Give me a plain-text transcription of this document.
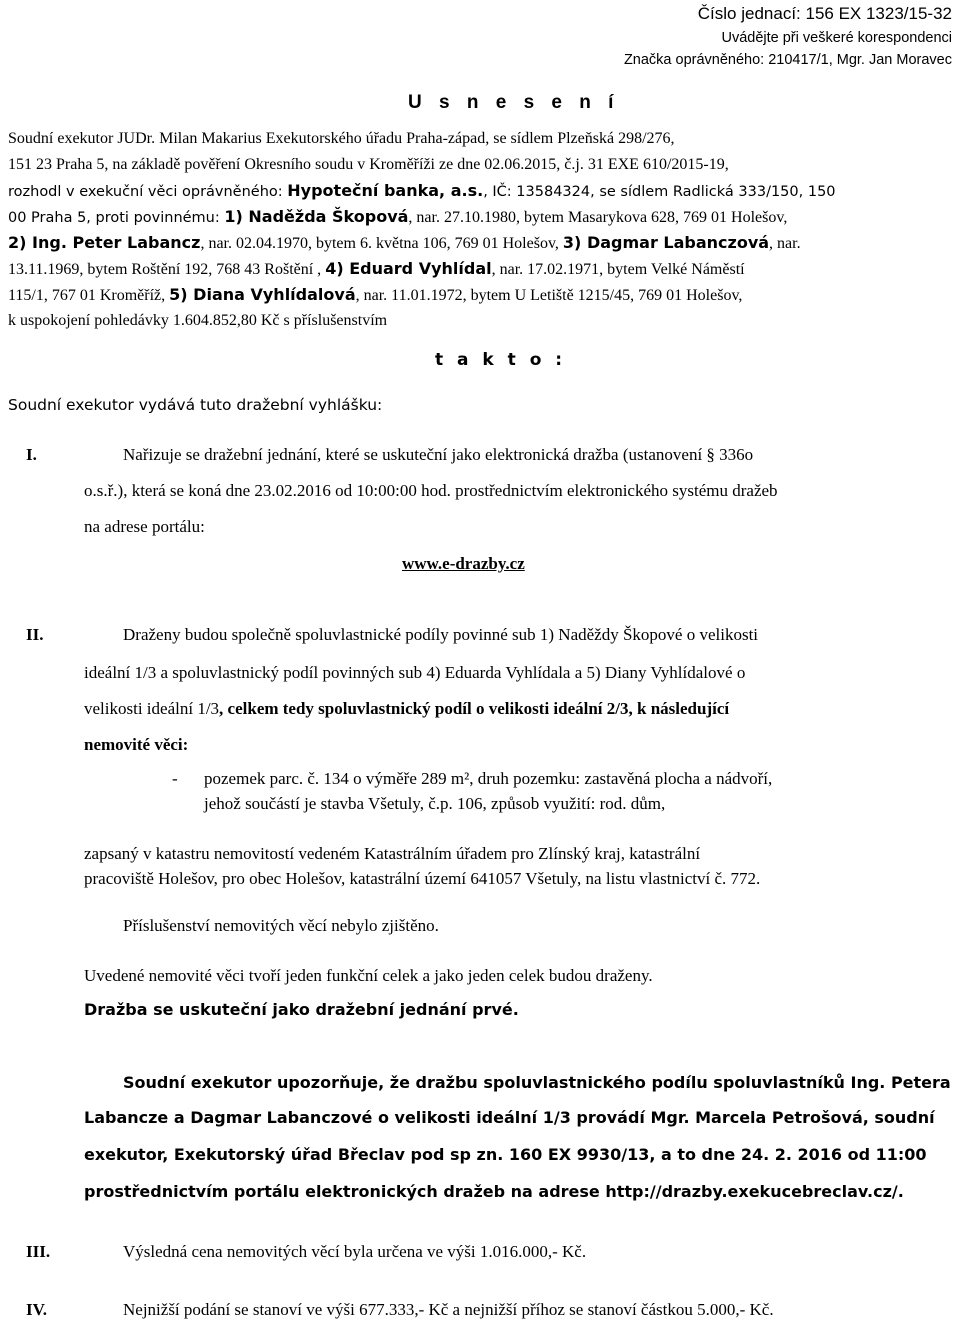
Číslo jednací: 156 EX 1323/15-32
Uvádějte při veškeré korespondenci
Značka oprávněného: 210417/1, Mgr. Jan Moravec
U s n e s e n í

Soudní exekutor JUDr. Milan Makarius Exekutorského úřadu Praha-západ, se sídlem Plzeňská 298/276,

151 23 Praha 5, na základě pověření Okresního soudu v Kroměříži ze dne 02.06.2015, č.j. 31 EXE 610/2015-19,

rozhodl v exekuční věci oprávněného: Hypoteční banka, a.s., IČ: 13584324, se sídlem Radlická 333/150, 150

00 Praha 5, proti povinnému: 1) Naděžda Škopová, nar. 27.10.1980, bytem Masarykova 628, 769 01 Holešov,

2) Ing. Peter Labancz, nar. 02.04.1970, bytem 6. května 106, 769 01 Holešov, 3) Dagmar Labanczová, nar.

13.11.1969, bytem Roštění 192, 768 43 Roštění , 4) Eduard Vyhlídal, nar. 17.02.1971, bytem Velké Náměstí

115/1, 767 01 Kroměříž, 5) Diana Vyhlídalová, nar. 11.01.1972, bytem U Letiště 1215/45, 769 01 Holešov,

k uspokojení pohledávky 1.604.852,80 Kč s příslušenstvím

t a k t o :
Soudní exekutor vydává tuto dražební vyhlášku:
I.	Nařizuje se dražební jednání, které se uskuteční jako elektronická dražba (ustanovení § 336o
o.s.ř.), která se koná dne 23.02.2016 od 10:00:00 hod. prostřednictvím elektronického systému dražeb
na adrese portálu:
www.e-drazby.cz
II.	Draženy budou společně spoluvlastnické podíly povinné sub 1) Naděždy Škopové o velikosti
ideální 1/3 a spoluvlastnický podíl povinných sub 4) Eduarda Vyhlídala a 5) Diany Vyhlídalové o
velikosti ideální 1/3, celkem tedy spoluvlastnický podíl o velikosti ideální 2/3, k následující
nemovité věci:
- pozemek parc. č. 134 o výměře 289 m², druh pozemku: zastavěná plocha a nádvoří,
jehož součástí je stavba Všetuly, č.p. 106, způsob využití: rod. dům,
zapsaný v katastru nemovitostí vedeném Katastrálním úřadem pro Zlínský kraj, katastrální
pracoviště Holešov, pro obec Holešov, katastrální území 641057 Všetuly, na listu vlastnictví č. 772.
Příslušenství nemovitých věcí nebylo zjištěno.
Uvedené nemovité věci tvoří jeden funkční celek a jako jeden celek budou draženy.
Dražba se uskuteční jako dražební jednání prvé.
Soudní exekutor upozorňuje, že dražbu spoluvlastnického podílu spoluvlastníků Ing. Petera
Labancze a Dagmar Labanczové o velikosti ideální 1/3 provádí Mgr. Marcela Petrošová, soudní
exekutor, Exekutorský úřad Břeclav pod sp zn. 160 EX 9930/13, a to dne 24. 2. 2016 od 11:00
prostřednictvím portálu elektronických dražeb na adrese http://drazby.exekucebreclav.cz/.
III.	Výsledná cena nemovitých věcí byla určena ve výši 1.016.000,- Kč.
IV.	Nejnižší podání se stanoví ve výši 677.333,- Kč a nejnižší příhoz se stanoví částkou 5.000,- Kč.
